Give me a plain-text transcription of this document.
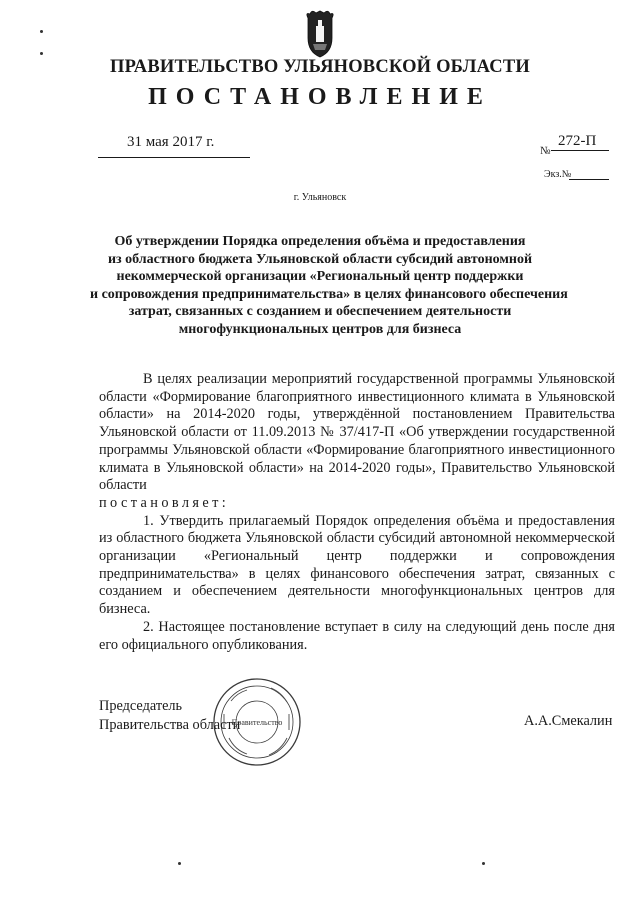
ПРАВИТЕЛЬСТВО УЛЬЯНОВСКОЙ ОБЛАСТИ
ПОСТАНОВЛЕНИЕ
31 мая 2017 г.
№
272-П
Экз.№
г. Ульяновск
Об утверждении Порядка определения объёма и предоставления
из областного бюджета Ульяновской области субсидий автономной
некоммерческой организации «Региональный центр поддержки
и сопровождения предпринимательства» в целях финансового обеспечения
затрат, связанных с созданием и обеспечением деятельности
многофункциональных центров для бизнеса

В целях реализации мероприятий государственной программы Ульяновской области «Формирование благоприятного инвестиционного климата в Ульяновской области» на 2014-2020 годы, утверждённой постановлением Правительства Ульяновской области от 11.09.2013 № 37/417-П «Об утверждении государственной программы Ульяновской области «Формирование благоприятного инвестиционного климата в Ульяновской области» на 2014-2020 годы», Правительство Ульяновской области

постановляет:

1. Утвердить прилагаемый Порядок определения объёма и предоставления из областного бюджета Ульяновской области субсидий автономной некоммерческой организации «Региональный центр поддержки и сопровождения предпринимательства» в целях финансового обеспечения затрат, связанных с созданием и обеспечением деятельности многофункциональных центров для бизнеса.

2. Настоящее постановление вступает в силу на следующий день после дня его официального опубликования.

Правительство
Председатель
Правительства области	А.А.Смекалин
